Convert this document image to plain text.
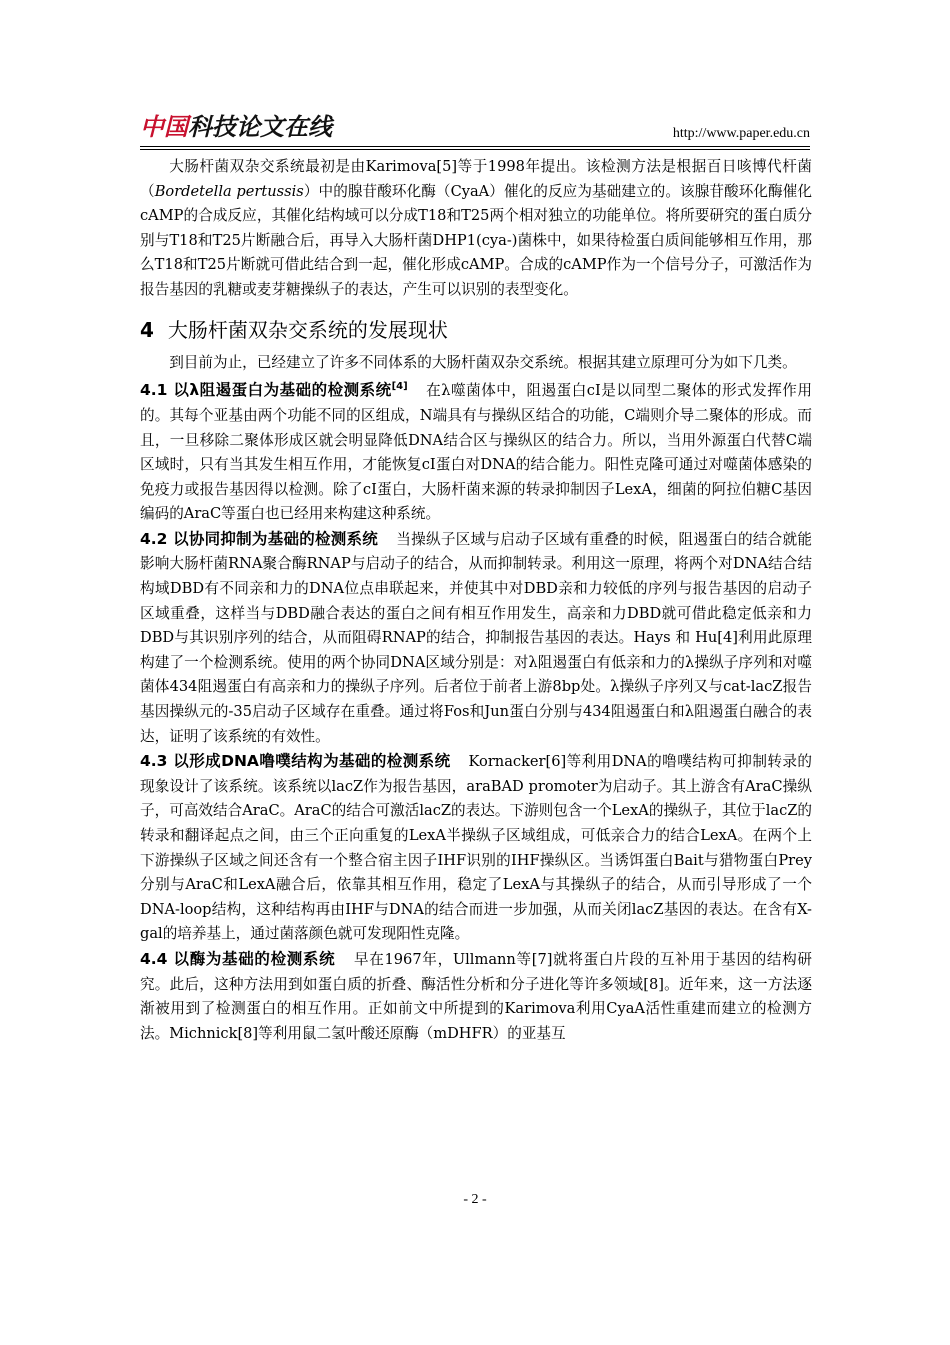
中国科技论文在线	http://www.paper.edu.cn

大肠杆菌双杂交系统最初是由Karimova[5]等于1998年提出。该检测方法是根据百日咳博代杆菌（Bordetella pertussis）中的腺苷酸环化酶（CyaA）催化的反应为基础建立的。该腺苷酸环化酶催化cAMP的合成反应，其催化结构域可以分成T18和T25两个相对独立的功能单位。将所要研究的蛋白质分别与T18和T25片断融合后，再导入大肠杆菌DHP1(cya-)菌株中，如果待检蛋白质间能够相互作用，那么T18和T25片断就可借此结合到一起，催化形成cAMP。合成的cAMP作为一个信号分子，可激活作为报告基因的乳糖或麦芽糖操纵子的表达，产生可以识别的表型变化。

4 大肠杆菌双杂交系统的发展现状

到目前为止，已经建立了许多不同体系的大肠杆菌双杂交系统。根据其建立原理可分为如下几类。

4.1 以λ阻遏蛋白为基础的检测系统[4] 在λ噬菌体中，阻遏蛋白cI是以同型二聚体的形式发挥作用的。其每个亚基由两个功能不同的区组成，N端具有与操纵区结合的功能，C端则介导二聚体的形成。而且，一旦移除二聚体形成区就会明显降低DNA结合区与操纵区的结合力。所以，当用外源蛋白代替C端区域时，只有当其发生相互作用，才能恢复cI蛋白对DNA的结合能力。阳性克隆可通过对噬菌体感染的免疫力或报告基因得以检测。除了cI蛋白，大肠杆菌来源的转录抑制因子LexA，细菌的阿拉伯糖C基因编码的AraC等蛋白也已经用来构建这种系统。

4.2 以协同抑制为基础的检测系统 当操纵子区域与启动子区域有重叠的时候，阻遏蛋白的结合就能影响大肠杆菌RNA聚合酶RNAP与启动子的结合，从而抑制转录。利用这一原理，将两个对DNA结合结构域DBD有不同亲和力的DNA位点串联起来，并使其中对DBD亲和力较低的序列与报告基因的启动子区域重叠，这样当与DBD融合表达的蛋白之间有相互作用发生，高亲和力DBD就可借此稳定低亲和力DBD与其识别序列的结合，从而阻碍RNAP的结合，抑制报告基因的表达。Hays 和 Hu[4]利用此原理构建了一个检测系统。使用的两个协同DNA区域分别是：对λ阻遏蛋白有低亲和力的λ操纵子序列和对噬菌体434阻遏蛋白有高亲和力的操纵子序列。后者位于前者上游8bp处。λ操纵子序列又与cat-lacZ报告基因操纵元的-35启动子区域存在重叠。通过将Fos和Jun蛋白分别与434阻遏蛋白和λ阻遏蛋白融合的表达，证明了该系统的有效性。

4.3 以形成DNA噜噗结构为基础的检测系统 Kornacker[6]等利用DNA的噜噗结构可抑制转录的现象设计了该系统。该系统以lacZ作为报告基因，araBAD promoter为启动子。其上游含有AraC操纵子，可高效结合AraC。AraC的结合可激活lacZ的表达。下游则包含一个LexA的操纵子，其位于lacZ的转录和翻译起点之间，由三个正向重复的LexA半操纵子区域组成，可低亲合力的结合LexA。在两个上下游操纵子区域之间还含有一个整合宿主因子IHF识别的IHF操纵区。当诱饵蛋白Bait与猎物蛋白Prey分别与AraC和LexA融合后，依靠其相互作用，稳定了LexA与其操纵子的结合，从而引导形成了一个DNA-loop结构，这种结构再由IHF与DNA的结合而进一步加强，从而关闭lacZ基因的表达。在含有X-gal的培养基上，通过菌落颜色就可发现阳性克隆。

4.4 以酶为基础的检测系统 早在1967年，Ullmann等[7]就将蛋白片段的互补用于基因的结构研究。此后，这种方法用到如蛋白质的折叠、酶活性分析和分子进化等许多领域[8]。近年来，这一方法逐渐被用到了检测蛋白的相互作用。正如前文中所提到的Karimova利用CyaA活性重建而建立的检测方法。Michnick[8]等利用鼠二氢叶酸还原酶（mDHFR）的亚基互

- 2 -
